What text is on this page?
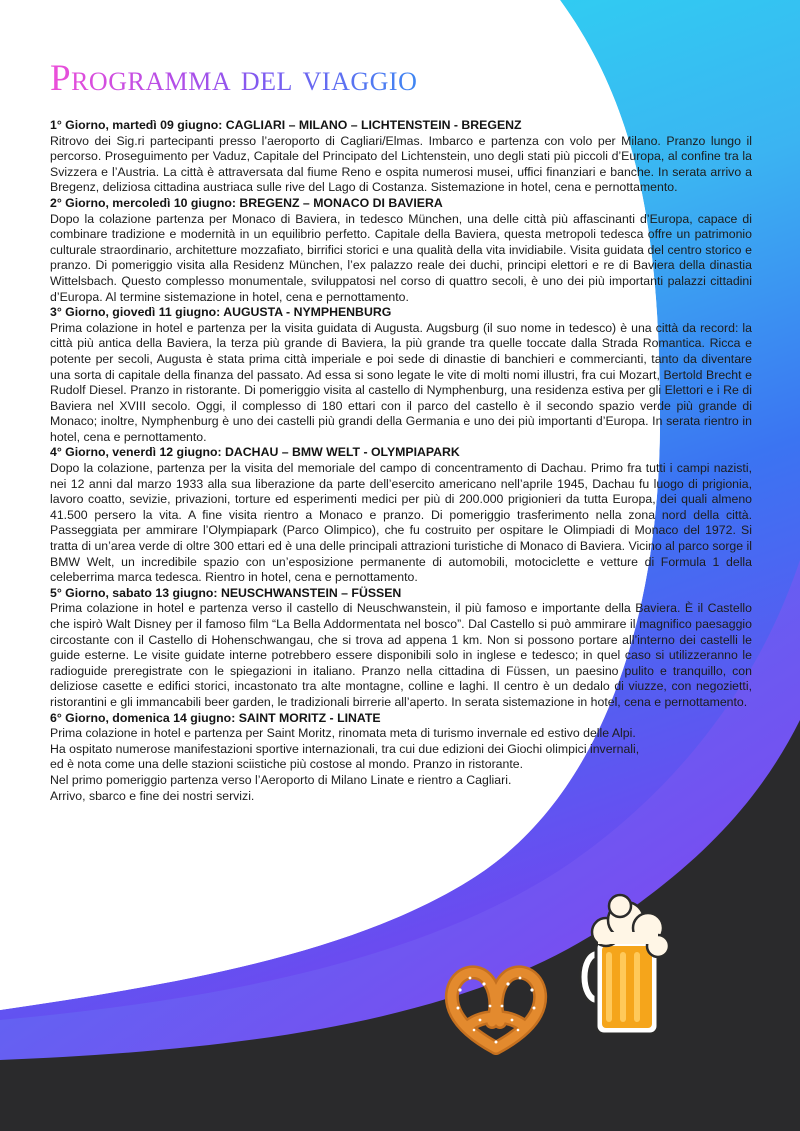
Programma del viaggio

1° Giorno, martedì 09 giugno: CAGLIARI – MILANO – LICHTENSTEIN - BREGENZ

Ritrovo dei Sig.ri partecipanti presso l’aeroporto di Cagliari/Elmas. Imbarco e partenza con volo per Milano. Pranzo lungo il percorso. Proseguimento per Vaduz, Capitale del Principato del Lichtenstein, uno degli stati più piccoli d’Europa, al confine tra la Svizzera e l’Austria. La città è attraversata dal fiume Reno e ospita numerosi musei, uffici finanziari e banche. In serata arrivo a Bregenz, deliziosa cittadina austriaca sulle rive del Lago di Costanza. Sistemazione in hotel, cena e pernottamento.

2° Giorno, mercoledì 10 giugno: BREGENZ – MONACO DI BAVIERA

Dopo la colazione partenza per Monaco di Baviera, in tedesco München, una delle città più affascinanti d’Europa, capace di combinare tradizione e modernità in un equilibrio perfetto. Capitale della Baviera, questa metropoli tedesca offre un patrimonio culturale straordinario, architetture mozzafiato, birrifici storici e una qualità della vita invidiabile. Visita guidata del centro storico e pranzo. Di pomeriggio visita alla Residenz München, l’ex palazzo reale dei duchi, principi elettori e re di Baviera della dinastia Wittelsbach. Questo complesso monumentale, sviluppatosi nel corso di quattro secoli, è uno dei più importanti palazzi cittadini d’Europa. Al termine sistemazione in hotel, cena e pernottamento.

3° Giorno, giovedì 11 giugno: AUGUSTA - NYMPHENBURG

Prima colazione in hotel e partenza per la visita guidata di Augusta. Augsburg (il suo nome in tedesco) è una città da record: la città più antica della Baviera, la terza più grande di Baviera, la più grande tra quelle toccate dalla Strada Romantica. Ricca e potente per secoli, Augusta è stata prima città imperiale e poi sede di dinastie di banchieri e commercianti, tanto da diventare una sorta di capitale della finanza del passato. Ad essa si sono legate le vite di molti nomi illustri, fra cui Mozart, Bertold Brecht e Rudolf Diesel. Pranzo in ristorante. Di pomeriggio visita al castello di Nymphenburg, una residenza estiva per gli Elettori e i Re di Baviera nel XVIII secolo. Oggi, il complesso di 180 ettari con il parco del castello è il secondo spazio verde più grande di Monaco; inoltre, Nymphenburg è uno dei castelli più grandi della Germania e uno dei più importanti d’Europa. In serata rientro in hotel, cena e pernottamento.

4° Giorno, venerdì 12 giugno: DACHAU – BMW WELT - OLYMPIAPARK

Dopo la colazione, partenza per la visita del memoriale del campo di concentramento di Dachau. Primo fra tutti i campi nazisti, nei 12 anni dal marzo 1933 alla sua liberazione da parte dell’esercito americano nell’aprile 1945, Dachau fu luogo di prigionia, lavoro coatto, sevizie, privazioni, torture ed esperimenti medici per più di 200.000 prigionieri da tutta Europa, dei quali almeno 41.500 persero la vita. A fine visita rientro a Monaco e pranzo. Di pomeriggio trasferimento nella zona nord della città. Passeggiata per ammirare l’Olympiapark (Parco Olimpico), che fu costruito per ospitare le Olimpiadi di Monaco del 1972. Si tratta di un’area verde di oltre 300 ettari ed è una delle principali attrazioni turistiche di Monaco di Baviera. Vicino al parco sorge il BMW Welt, un incredibile spazio con un’esposizione permanente di automobili, motociclette e vetture di Formula 1 della celeberrima marca tedesca. Rientro in hotel, cena e pernottamento.

5° Giorno, sabato 13 giugno: NEUSCHWANSTEIN – FÜSSEN

Prima colazione in hotel e partenza verso il castello di Neuschwanstein, il più famoso e importante della Baviera. È il Castello che ispirò Walt Disney per il famoso film “La Bella Addormentata nel bosco”. Dal Castello si può ammirare il magnifico paesaggio circostante con il Castello di Hohenschwangau, che si trova ad appena 1 km. Non si possono portare all’interno dei castelli le guide esterne. Le visite guidate interne potrebbero essere disponibili solo in inglese e tedesco; in quel caso si utilizzeranno le radioguide preregistrate con le spiegazioni in italiano. Pranzo nella cittadina di Füssen, un paesino pulito e tranquillo, con deliziose casette e edifici storici, incastonato tra alte montagne, colline e laghi. Il centro è un dedalo di viuzze, con negozietti, ristorantini e gli immancabili beer garden, le tradizionali birrerie all’aperto. In serata sistemazione in hotel, cena e pernottamento.

6° Giorno, domenica 14 giugno: SAINT MORITZ - LINATE

Prima colazione in hotel e partenza per Saint Moritz, rinomata meta di turismo invernale ed estivo delle Alpi.
Ha ospitato numerose manifestazioni sportive internazionali, tra cui due edizioni dei Giochi olimpici invernali,
ed è nota come una delle stazioni sciistiche più costose al mondo. Pranzo in ristorante.
Nel primo pomeriggio partenza verso l’Aeroporto di Milano Linate e rientro a Cagliari.
Arrivo, sbarco e fine dei nostri servizi.
